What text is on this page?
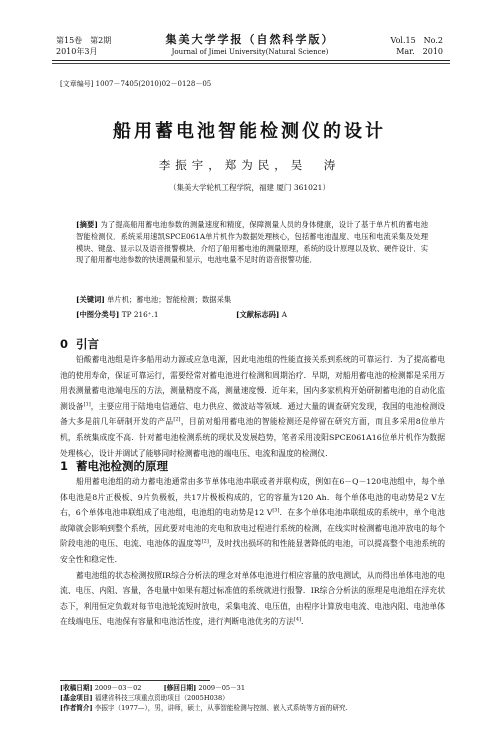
第15卷　第2期
2010年3月
集美大学学报（自然科学版）
Journal of Jimei University(Natural Science)
Vol.15　No.2
Mar.　2010
[文章编号] 1007－7405(2010)02－0128－05
船用蓄电池智能检测仪的设计
李振宇，郑为民，吴　涛
（集美大学轮机工程学院，福建 厦门 361021）

[摘要] 为了提高船用蓄电池参数的测量速度和精度，保障测量人员的身体健康，设计了基于单片机的蓄电池智能检测仪．系统采用速凯SPCE061A单片机作为数据处理核心，包括蓄电池温度、电压和电流采集及处理模块、键盘、显示以及语音报警模块．介绍了船用蓄电池的测量原理，系统的设计原理以及软、硬件设计．实现了船用蓄电池参数的快速测量和显示，电池电量不足时的语音报警功能．

[关键词] 单片机；蓄电池；智能检测；数据采集
[中图分类号] TP 216⁺.1	[文献标志码] A
0 引言

铅酸蓄电池组是许多船用动力源或应急电源，因此电池组的性能直接关系到系统的可靠运行．为了提高蓄电池的使用寿命，保证可靠运行，需要经常对蓄电池进行检测和周期治疗．早期，对船用蓄电池的检测都是采用万用表测量蓄电池端电压的方法，测量精度不高，测量速度慢．近年来，国内多家机构开始研制蓄电池的自动化监测设备[1]，主要应用于陆地电信通信、电力供应、微波站等领域．通过大量的调查研究发现，我国的电池检测设备大多是前几年研制开发的产品[2]，目前对船用蓄电池的智能检测还是停留在研究方面，而且多采用8位单片机，系统集成度不高．针对蓄电池检测系统的现状及发展趋势，笔者采用凌阳SPCE061A16位单片机作为数据处理核心，设计并调试了能够同时检测蓄电池的端电压、电流和温度的检测仪．

1 蓄电池检测的原理

船用蓄电池组的动力蓄电池通常由多节单体电池串联或者并联构成，例如在6－Q－120电池组中，每个单体电池是8片正极板、9片负极板，共17片极板构成的，它的容量为120 Ah．每个单体电池的电动势是2 V左右，6个单体电池串联组成了电池组，电池组的电动势是12 V[3]．在多个单体电池串联组成的系统中，单个电池故障就会影响到整个系统，因此要对电池的充电和放电过程进行系统的检测，在线实时检测蓄电池冲放电的每个阶段电池的电压、电流、电池体的温度等[2]，及时找出损坏的和性能显著降低的电池，可以提高整个电池系统的安全性和稳定性．

蓄电池组的状态检测按照IR综合分析法的理念对单体电池进行相应容量的放电测试，从而得出单体电池的电流、电压、内阻、容量，各电量中如果有超过标准值的系统就进行报警．IR综合分析法的原理是电池组在浮充状态下，利用恒定负载对每节电池轮流短时放电，采集电流、电压值，由程序计算放电电流、电池内阻、电池单体在线端电压、电池保有容量和电池活性度，进行判断电池优劣的方法[4]．

[收稿日期] 2009－03－02	[修回日期] 2009－05－31
[基金项目] 福建省科技三项重点资助项目（2005H038）
[作者简介] 李振宇（1977—），男，讲师，硕士，从事智能检测与控制、嵌入式系统等方面的研究.
